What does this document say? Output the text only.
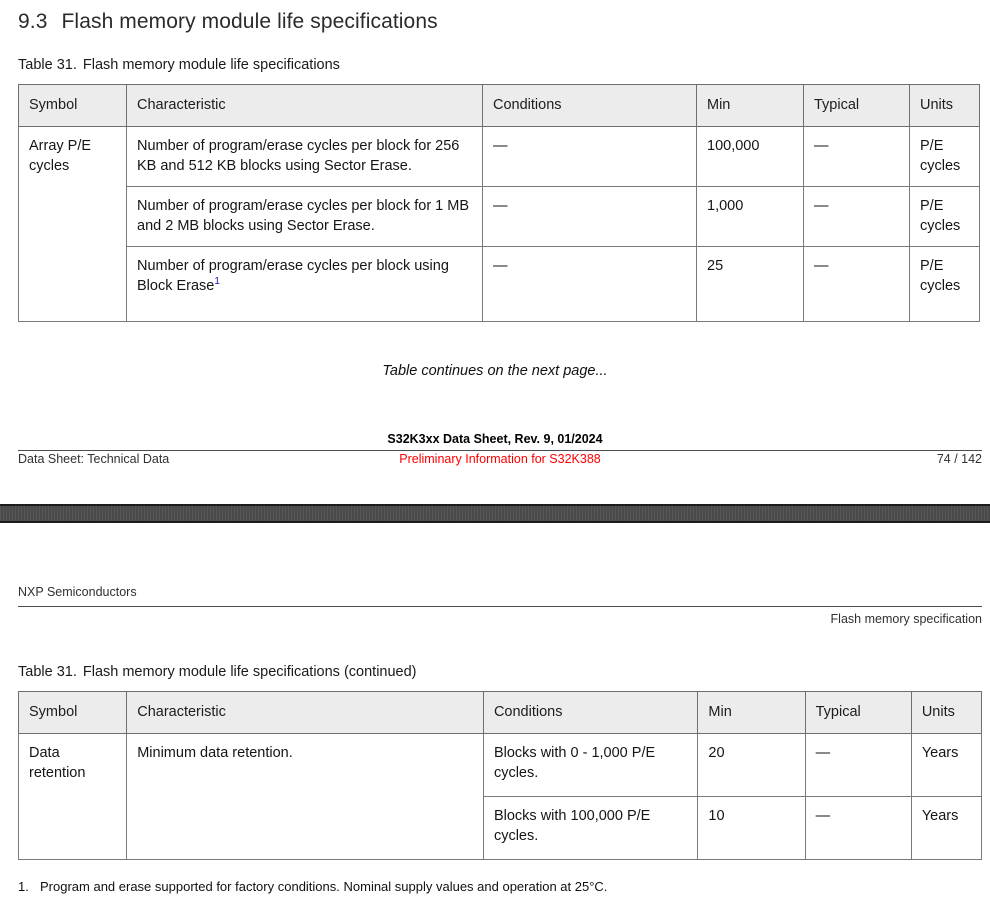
9.3 Flash memory module life specifications
Table 31. Flash memory module life specifications
Symbol	Characteristic	Conditions	Min	Typical	Units
Array P/E cycles	Number of program/erase cycles per block for 256 KB and 512 KB blocks using Sector Erase.	—	100,000	—	P/E cycles
	Number of program/erase cycles per block for 1 MB and 2 MB blocks using Sector Erase.	—	1,000	—	P/E cycles
	Number of program/erase cycles per block using Block Erase$^1$	—	25	—	P/E cycles
Table continues on the next page...
S32K3xx Data Sheet, Rev. 9, 01/2024
Data Sheet: Technical Data	Preliminary Information for S32K388	74 / 142
NXP Semiconductors
Flash memory specification
Table 31. Flash memory module life specifications (continued)
Symbol	Characteristic	Conditions	Min	Typical	Units
Data retention	Minimum data retention.	Blocks with 0 - 1,000 P/E cycles.	20	—	Years
		Blocks with 100,000 P/E cycles.	10	—	Years
1. Program and erase supported for factory conditions. Nominal supply values and operation at 25°C.
